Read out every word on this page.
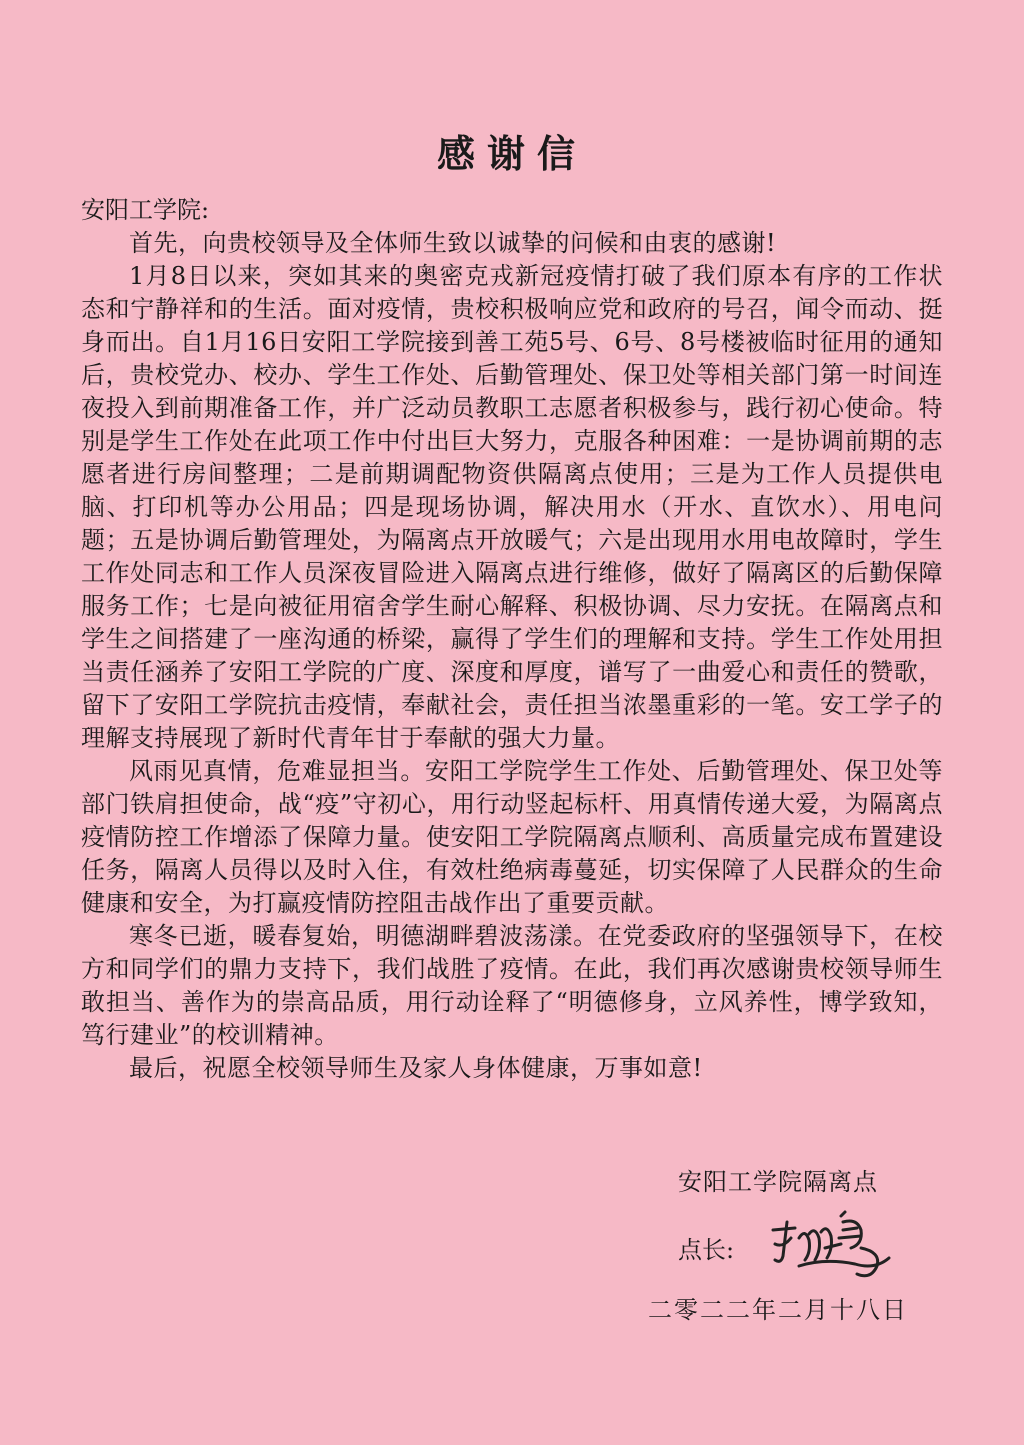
感谢信

安阳工学院:

首先，向贵校领导及全体师生致以诚挚的问候和由衷的感谢!

1月8日以来，突如其来的奥密克戎新冠疫情打破了我们原本有序的工作状态和宁静祥和的生活。面对疫情，贵校积极响应党和政府的号召，闻令而动、挺身而出。自1月16日安阳工学院接到善工苑5号、6号、8号楼被临时征用的通知后，贵校党办、校办、学生工作处、后勤管理处、保卫处等相关部门第一时间连夜投入到前期准备工作，并广泛动员教职工志愿者积极参与，践行初心使命。特别是学生工作处在此项工作中付出巨大努力，克服各种困难：一是协调前期的志愿者进行房间整理；二是前期调配物资供隔离点使用；三是为工作人员提供电脑、打印机等办公用品；四是现场协调，解决用水（开水、直饮水）、用电问题；五是协调后勤管理处，为隔离点开放暖气；六是出现用水用电故障时，学生工作处同志和工作人员深夜冒险进入隔离点进行维修，做好了隔离区的后勤保障服务工作；七是向被征用宿舍学生耐心解释、积极协调、尽力安抚。在隔离点和学生之间搭建了一座沟通的桥梁，赢得了学生们的理解和支持。学生工作处用担当责任涵养了安阳工学院的广度、深度和厚度，谱写了一曲爱心和责任的赞歌，留下了安阳工学院抗击疫情，奉献社会，责任担当浓墨重彩的一笔。安工学子的理解支持展现了新时代青年甘于奉献的强大力量。

风雨见真情，危难显担当。安阳工学院学生工作处、后勤管理处、保卫处等部门铁肩担使命，战“疫”守初心，用行动竖起标杆、用真情传递大爱，为隔离点疫情防控工作增添了保障力量。使安阳工学院隔离点顺利、高质量完成布置建设任务，隔离人员得以及时入住，有效杜绝病毒蔓延，切实保障了人民群众的生命健康和安全，为打赢疫情防控阻击战作出了重要贡献。

寒冬已逝，暖春复始，明德湖畔碧波荡漾。在党委政府的坚强领导下，在校方和同学们的鼎力支持下，我们战胜了疫情。在此，我们再次感谢贵校领导师生敢担当、善作为的崇高品质，用行动诠释了“明德修身，立风养性，博学致知，笃行建业”的校训精神。

最后，祝愿全校领导师生及家人身体健康，万事如意!

安阳工学院隔离点
点长:
二零二二年二月十八日
